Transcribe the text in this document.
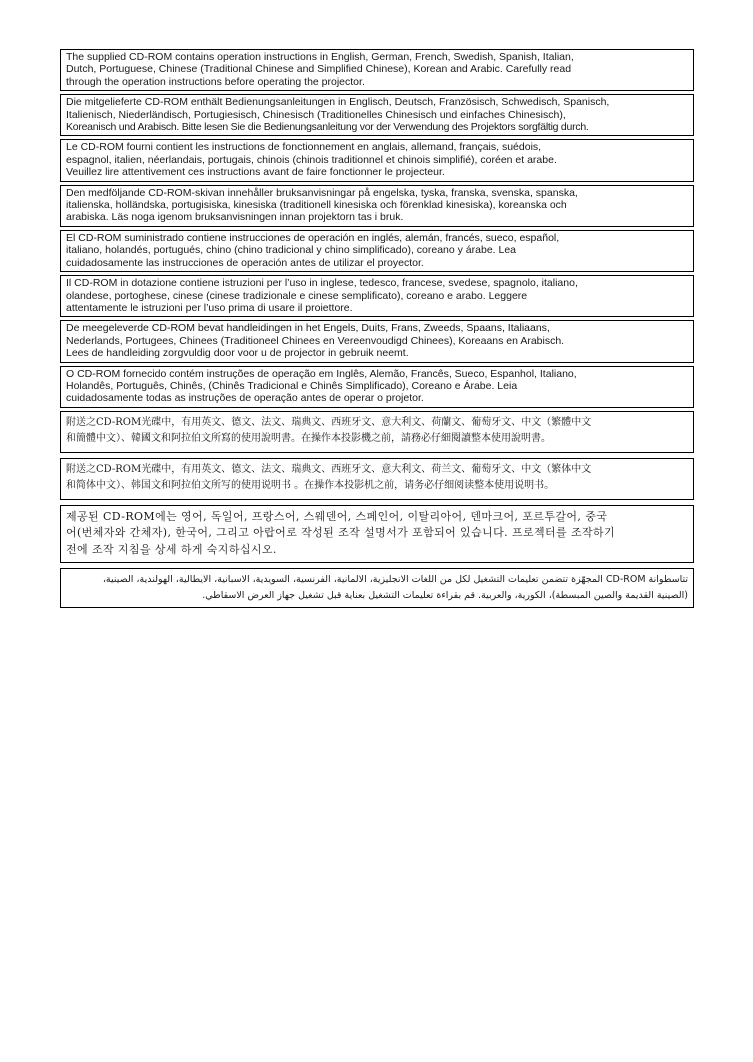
The supplied CD-ROM contains operation instructions in English, German, French, Swedish, Spanish, Italian,
Dutch, Portuguese, Chinese (Traditional Chinese and Simplified Chinese), Korean and Arabic. Carefully read
through the operation instructions before operating the projector.
Die mitgelieferte CD-ROM enthält Bedienungsanleitungen in Englisch, Deutsch, Französisch, Schwedisch, Spanisch,
Italienisch, Niederländisch, Portugiesisch, Chinesisch (Traditionelles Chinesisch und einfaches Chinesisch),
Koreanisch und Arabisch. Bitte lesen Sie die Bedienungsanleitung vor der Verwendung des Projektors sorgfältig durch.
Le CD-ROM fourni contient les instructions de fonctionnement en anglais, allemand, français, suédois,
espagnol, italien, néerlandais, portugais, chinois (chinois traditionnel et chinois simplifié), coréen et arabe.
Veuillez lire attentivement ces instructions avant de faire fonctionner le projecteur.
Den medföljande CD-ROM-skivan innehåller bruksanvisningar på engelska, tyska, franska, svenska, spanska,
italienska, holländska, portugisiska, kinesiska (traditionell kinesiska och förenklad kinesiska), koreanska och
arabiska. Läs noga igenom bruksanvisningen innan projektorn tas i bruk.
El CD-ROM suministrado contiene instrucciones de operación en inglés, alemán, francés, sueco, español,
italiano, holandés, portugués, chino (chino tradicional y chino simplificado), coreano y árabe. Lea
cuidadosamente las instrucciones de operación antes de utilizar el proyector.
Il CD-ROM in dotazione contiene istruzioni per l’uso in inglese, tedesco, francese, svedese, spagnolo, italiano,
olandese, portoghese, cinese (cinese tradizionale e cinese semplificato), coreano e arabo. Leggere
attentamente le istruzioni per l’uso prima di usare il proiettore.
De meegeleverde CD-ROM bevat handleidingen in het Engels, Duits, Frans, Zweeds, Spaans, Italiaans,
Nederlands, Portugees, Chinees (Traditioneel Chinees en Vereenvoudigd Chinees), Koreaans en Arabisch.
Lees de handleiding zorgvuldig door voor u de projector in gebruik neemt.
O CD-ROM fornecido contém instruções de operação em Inglês, Alemão, Francês, Sueco, Espanhol, Italiano,
Holandês, Português, Chinês, (Chinês Tradicional e Chinês Simplificado), Coreano e Árabe. Leia
cuidadosamente todas as instruções de operação antes de operar o projetor.
附送之CD-ROM光碟中，有用英文、德文、法文、瑞典文、西班牙文、意大利文、荷蘭文、葡萄牙文、中文（繁體中文
和簡體中文）、韓國文和阿拉伯文所寫的使用說明書。在操作本投影機之前，請務必仔細閱讀整本使用說明書。
附送之CD-ROM光碟中，有用英文、德文、法文、瑞典文、西班牙文、意大利文、荷兰文、葡萄牙文、中文（繁体中文
和简体中文）、韩国文和阿拉伯文所写的使用说明书 。在操作本投影机之前，请务必仔细阅读整本使用说明书。
제공된 CD-ROM에는 영어, 독일어, 프랑스어, 스웨덴어, 스페인어, 이탈리아어, 덴마크어, 포르투갈어, 중국
어(번체자와 간체자), 한국어, 그리고 아랍어로 작성된 조작 설명서가 포함되어 있습니다. 프로젝터를 조작하기
전에 조작 지침을 상세 하게 숙지하십시오.
تتاسطوانة CD-ROM المجهّزة تتضمن تعليمات التشغيل لكل من اللغات الانجليزية، الالمانية، الفرنسية، السويدية، الاسبانية، الايطالية، الهولندية، الصينية،
(الصينية القديمة والصين المبسطة)، الكورية، والعربية. قم بقراءة تعليمات التشغيل بعناية قبل تشغيل جهاز العرض الاسقاطي.
